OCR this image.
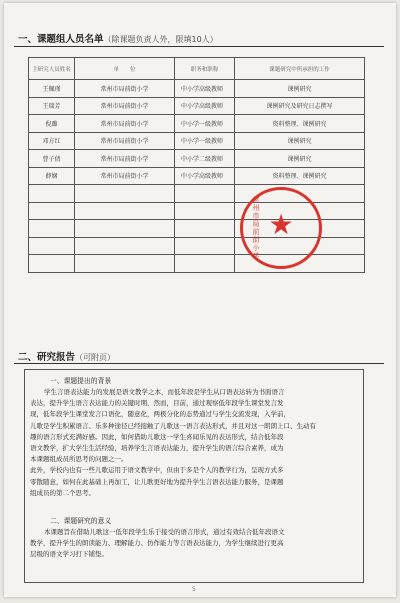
一、课题组人员名单（除课题负责人外，限填10人）
主研究人员姓名	单　　位	职务和职称	课题研究中所承担的工作
王佩瑾	常州市局前街小学	中小学高级教师	课例研究
王瑞芳	常州市局前街小学	中小学高级教师	课例研究及研究日志撰写
倪璐	常州市局前街小学	中小学一级教师	资料整理、课例研究
邓方红	常州市局前街小学	中小学一级教师	课例研究
曹子倩	常州市局前街小学	中小学二级教师	课例研究
薛娴	常州市局前街小学	中小学高级教师	资料整理、课例研究

常州市局前街小学 ★
二、研究报告（可附页）
一、课题提出的背景
学生言语表达能力的发展是语文教学之本，而低年段是学生从口语表达转为书面语言
表达，提升学生语言表达能力的关键时期，然而，目前，通过观察低年段学生课堂发言发
现，低年段学生课堂发言口语化，随意化，两极分化的态势通过与学生交流发现，入学前，
儿歌是学生积累语言、乐多种途径已经接触了儿歌这一语言表达形式，并且对这一朗朗上口、生动有
趣的语言形式充满好感。因此，如何借助儿歌这一学生喜闻乐见的表达形式，结合低年段
语文教学，扩大学生生活经验，培养学生言语表达能力，提升学生的语言综合素养，成为
本课题组成员所思考的问题之一。
此外，学校内也有一些儿歌运用于语文教学中，但由于多是个人的教学行为，呈现方式多
零散随意，如何在此基础上再加工，让儿歌更好地为提升学生言语表达能力服务，是课题
组成员的第二个思考。
二、课题研究的意义
本课题旨在借助儿歌这一低年段学生乐于接受的语言形式，通过有效结合低年段语文
教学，提升学生的朗读能力、理解能力、仿作能力等言语表达能力，为学生继续进行更高
层级的语文学习打下铺垫。
5
